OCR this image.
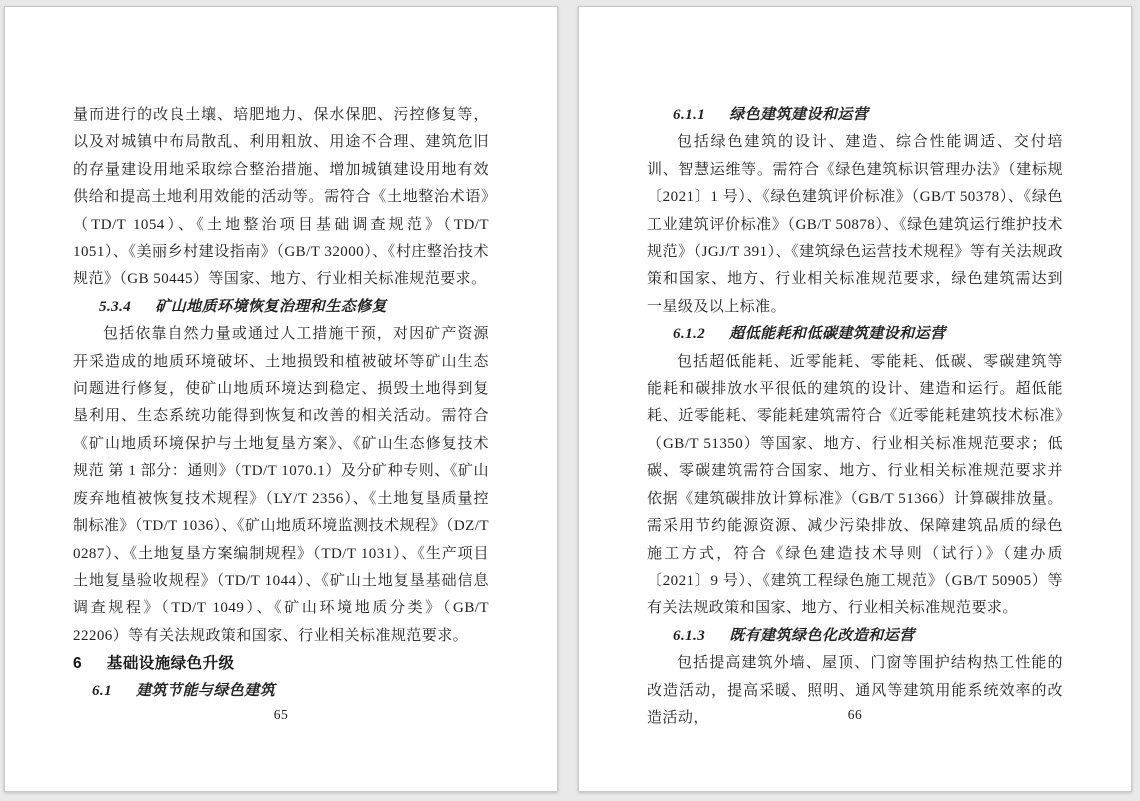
量而进行的改良土壤、培肥地力、保水保肥、污控修复等，以及对城镇中布局散乱、利用粗放、用途不合理、建筑危旧的存量建设用地采取综合整治措施、增加城镇建设用地有效供给和提高土地利用效能的活动等。需符合《土地整治术语》（TD/T 1054）、《土地整治项目基础调查规范》（TD/T 1051）、《美丽乡村建设指南》（GB/T 32000）、《村庄整治技术规范》（GB 50445）等国家、地方、行业相关标准规范要求。

5.3.4 矿山地质环境恢复治理和生态修复

包括依靠自然力量或通过人工措施干预，对因矿产资源开采造成的地质环境破坏、土地损毁和植被破坏等矿山生态问题进行修复，使矿山地质环境达到稳定、损毁土地得到复垦利用、生态系统功能得到恢复和改善的相关活动。需符合《矿山地质环境保护与土地复垦方案》、《矿山生态修复技术规范 第 1 部分：通则》（TD/T 1070.1）及分矿种专则、《矿山废弃地植被恢复技术规程》（LY/T 2356）、《土地复垦质量控制标准》（TD/T 1036）、《矿山地质环境监测技术规程》（DZ/T 0287）、《土地复垦方案编制规程》（TD/T 1031）、《生产项目土地复垦验收规程》（TD/T 1044）、《矿山土地复垦基础信息调查规程》（TD/T 1049）、《矿山环境地质分类》（GB/T 22206）等有关法规政策和国家、行业相关标准规范要求。

6 基础设施绿色升级
6.1 建筑节能与绿色建筑
65
6.1.1 绿色建筑建设和运营

包括绿色建筑的设计、建造、综合性能调适、交付培训、智慧运维等。需符合《绿色建筑标识管理办法》（建标规〔2021〕1 号）、《绿色建筑评价标准》（GB/T 50378）、《绿色工业建筑评价标准》（GB/T 50878）、《绿色建筑运行维护技术规范》（JGJ/T 391）、《建筑绿色运营技术规程》等有关法规政策和国家、地方、行业相关标准规范要求，绿色建筑需达到一星级及以上标准。

6.1.2 超低能耗和低碳建筑建设和运营

包括超低能耗、近零能耗、零能耗、低碳、零碳建筑等能耗和碳排放水平很低的建筑的设计、建造和运行。超低能耗、近零能耗、零能耗建筑需符合《近零能耗建筑技术标准》（GB/T 51350）等国家、地方、行业相关标准规范要求；低碳、零碳建筑需符合国家、地方、行业相关标准规范要求并依据《建筑碳排放计算标准》（GB/T 51366）计算碳排放量。需采用节约能源资源、减少污染排放、保障建筑品质的绿色施工方式，符合《绿色建造技术导则（试行）》（建办质〔2021〕9 号）、《建筑工程绿色施工规范》（GB/T 50905）等有关法规政策和国家、地方、行业相关标准规范要求。

6.1.3 既有建筑绿色化改造和运营

包括提高建筑外墙、屋顶、门窗等围护结构热工性能的改造活动，提高采暖、照明、通风等建筑用能系统效率的改造活动，	66
